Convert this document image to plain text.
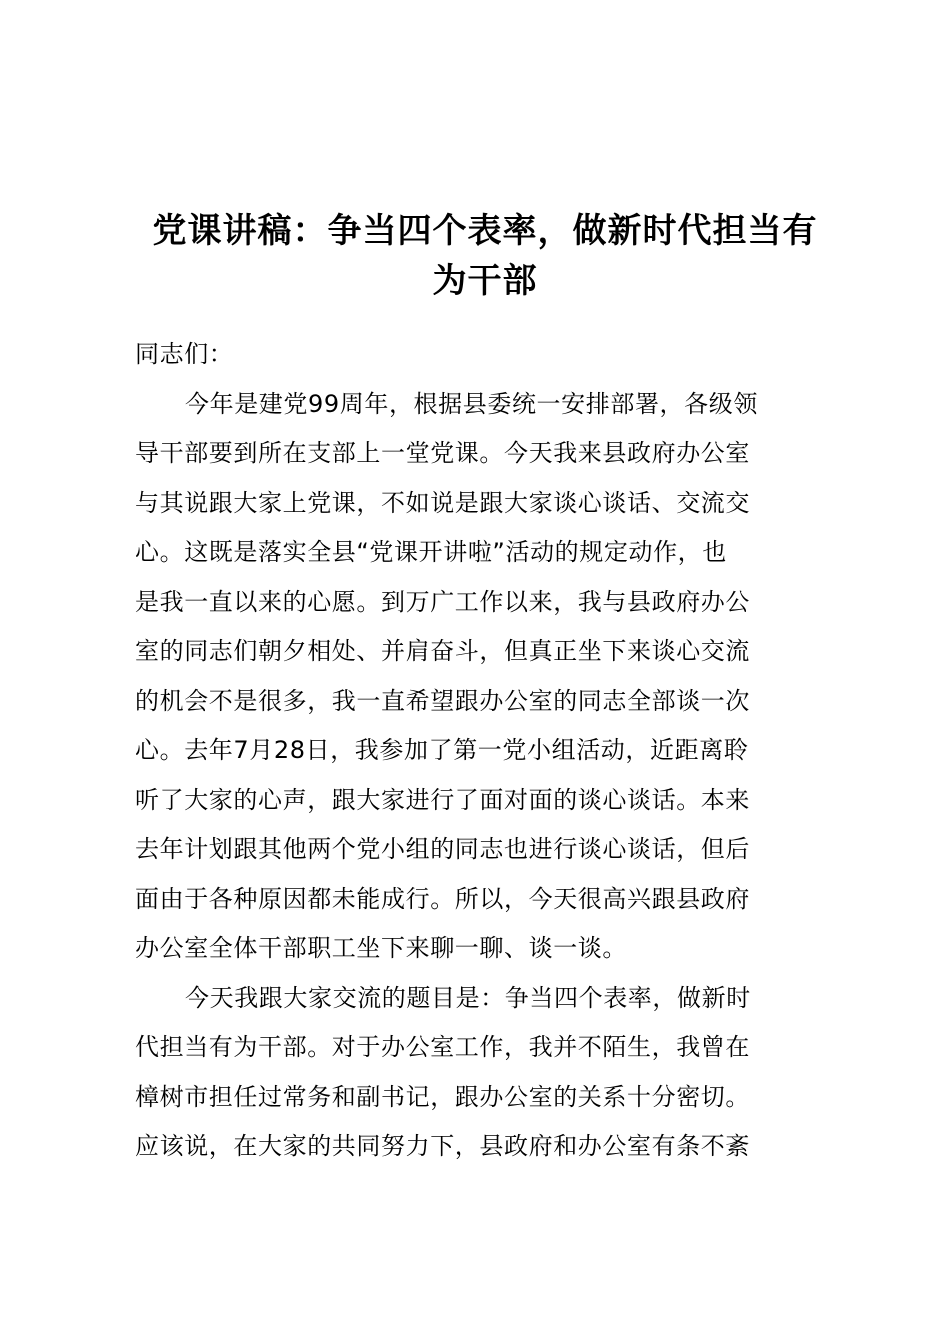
党课讲稿：争当四个表率，做新时代担当有
为干部
同志们：
今年是建党99周年，根据县委统一安排部署，各级领
导干部要到所在支部上一堂党课。今天我来县政府办公室
与其说跟大家上党课，不如说是跟大家谈心谈话、交流交
心。这既是落实全县“党课开讲啦”活动的规定动作，也
是我一直以来的心愿。到万广工作以来，我与县政府办公
室的同志们朝夕相处、并肩奋斗，但真正坐下来谈心交流
的机会不是很多，我一直希望跟办公室的同志全部谈一次
心。去年7月28日，我参加了第一党小组活动，近距离聆
听了大家的心声，跟大家进行了面对面的谈心谈话。本来
去年计划跟其他两个党小组的同志也进行谈心谈话，但后
面由于各种原因都未能成行。所以，今天很高兴跟县政府
办公室全体干部职工坐下来聊一聊、谈一谈。
今天我跟大家交流的题目是：争当四个表率，做新时
代担当有为干部。对于办公室工作，我并不陌生，我曾在
樟树市担任过常务和副书记，跟办公室的关系十分密切。
应该说，在大家的共同努力下，县政府和办公室有条不紊
